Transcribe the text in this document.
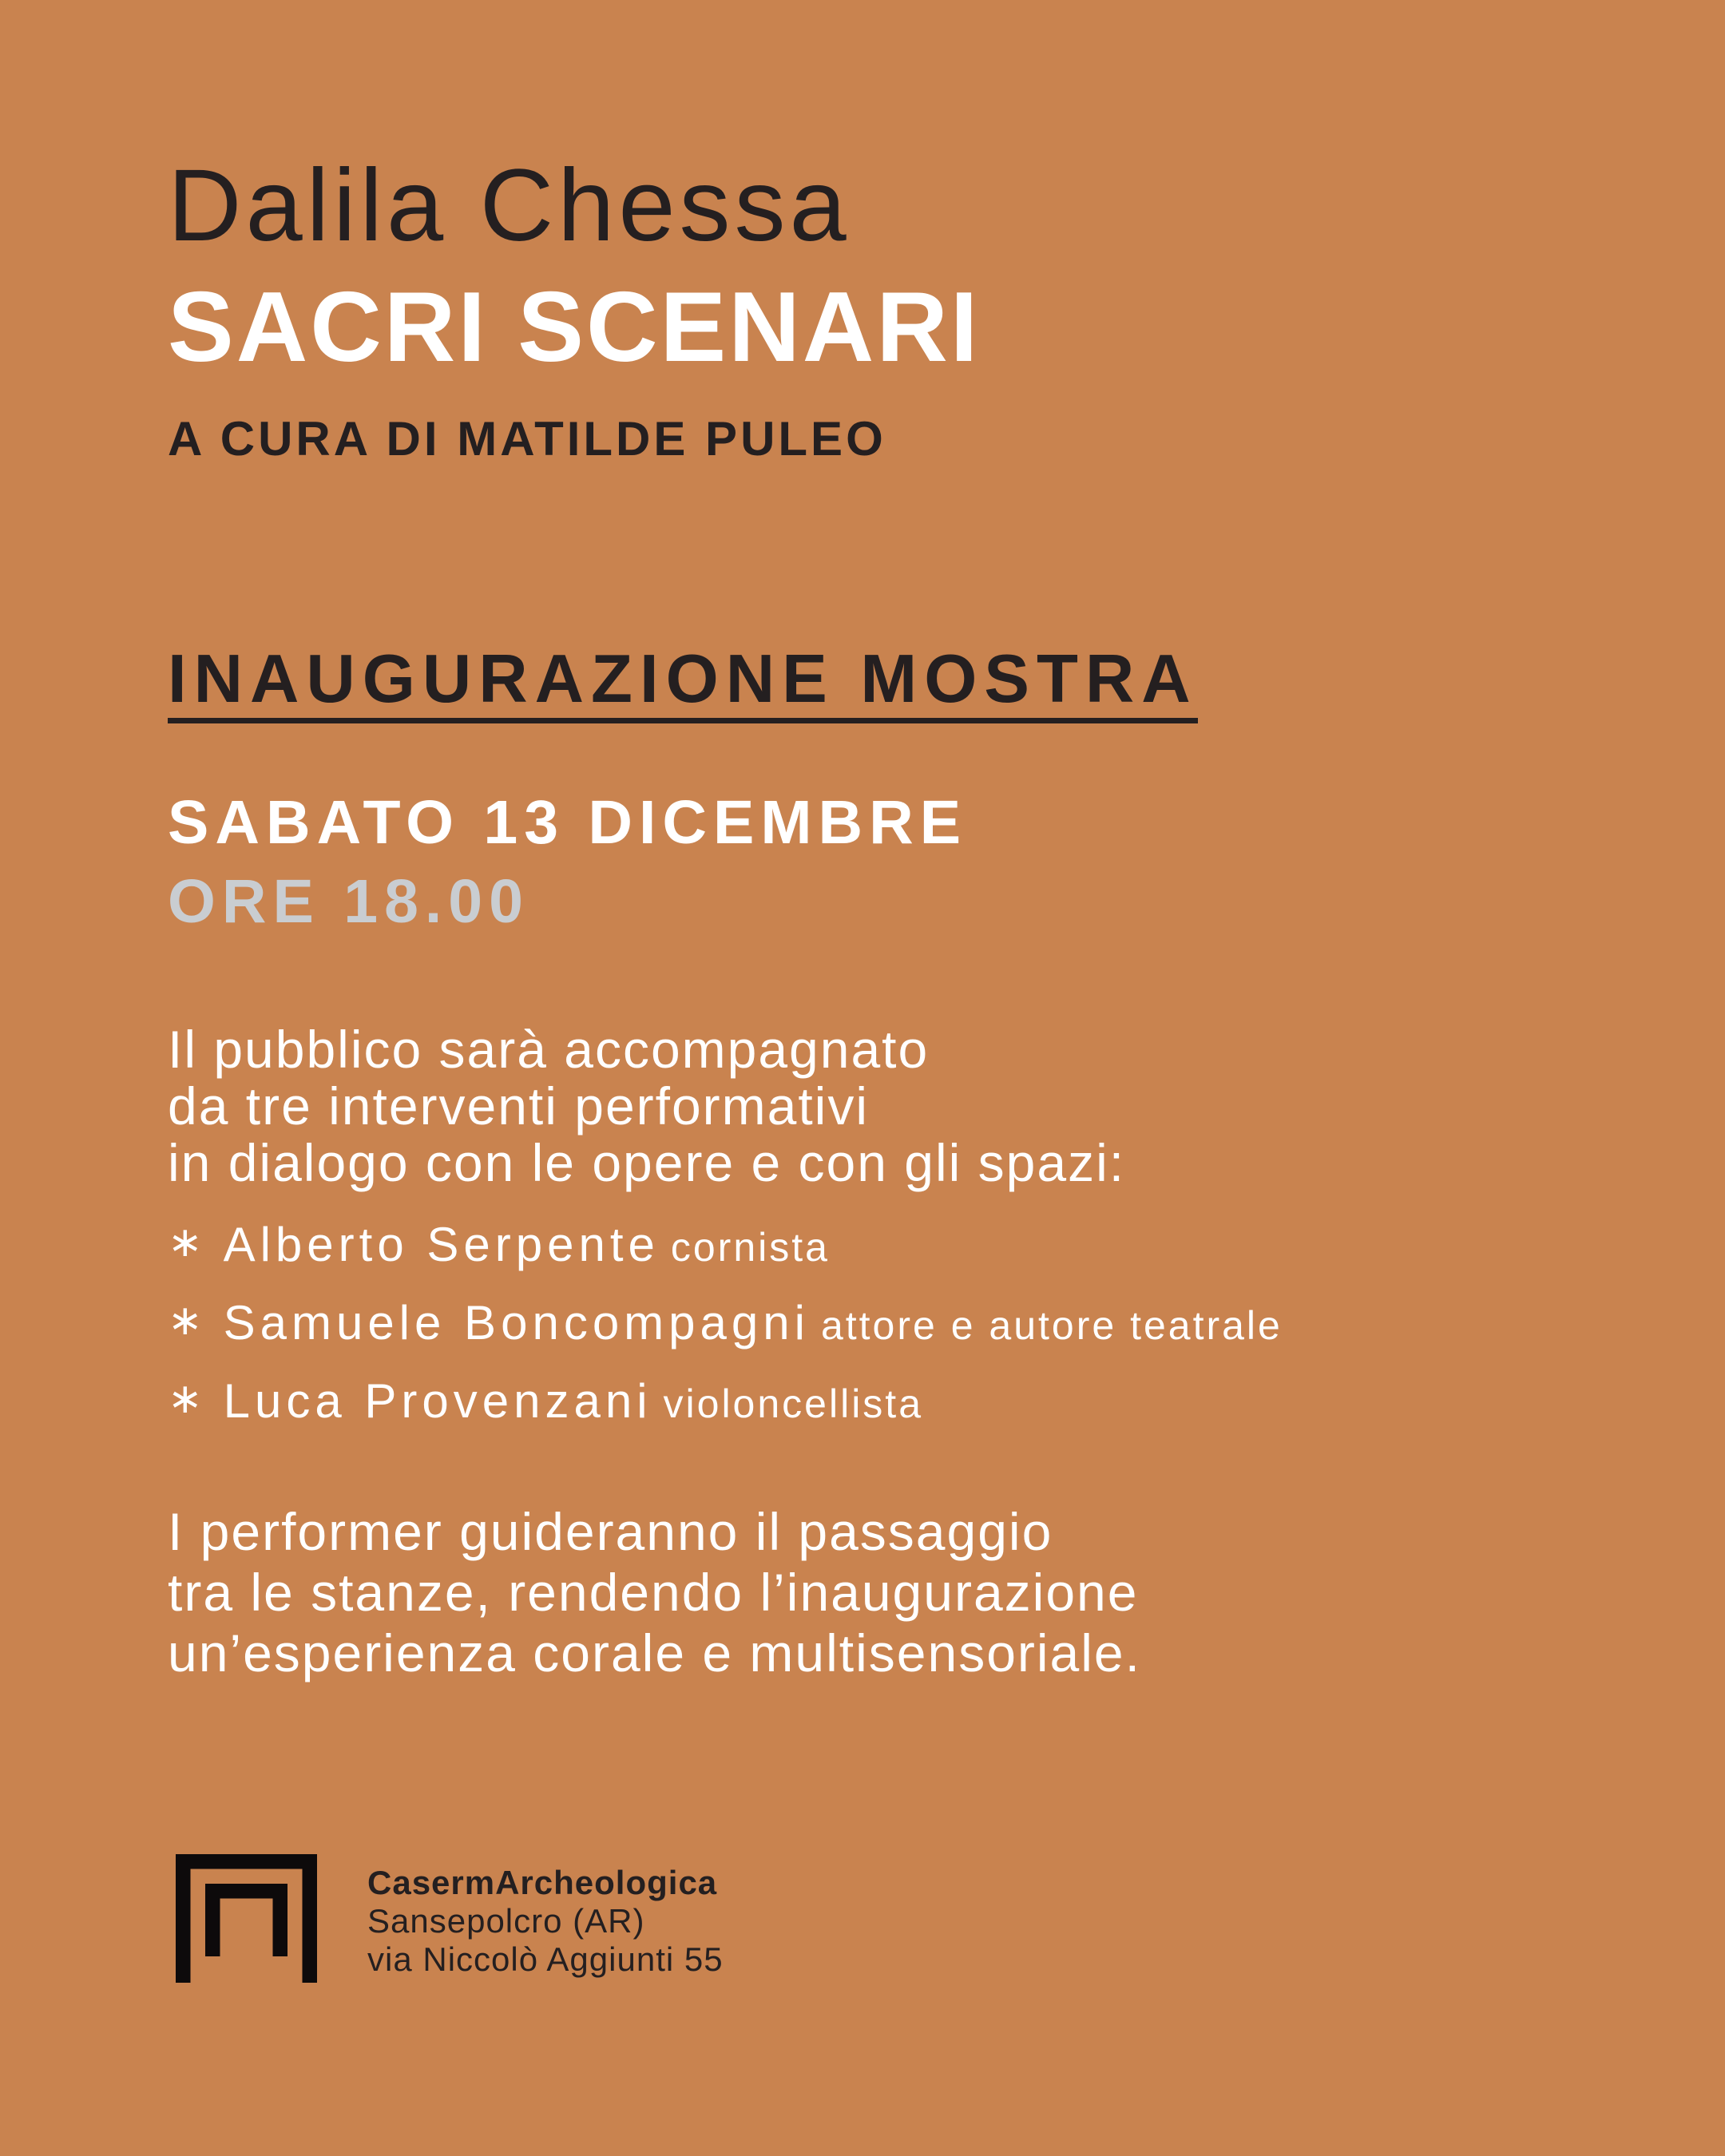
Dalila Chessa
SACRI SCENARI
A CURA DI MATILDE PULEO
INAUGURAZIONE MOSTRA
SABATO 13 DICEMBRE
ORE 18.00
Il pubblico sarà accompagnato
da tre interventi performativi
in dialogo con le opere e con gli spazi:
∗ Alberto Serpente cornista
∗ Samuele Boncompagni attore e autore teatrale
∗ Luca Provenzani violoncellista
I performer guideranno il passaggio
tra le stanze, rendendo l’inaugurazione
un’esperienza corale e multisensoriale.
CasermArcheologica
Sansepolcro (AR)
via Niccolò Aggiunti 55
